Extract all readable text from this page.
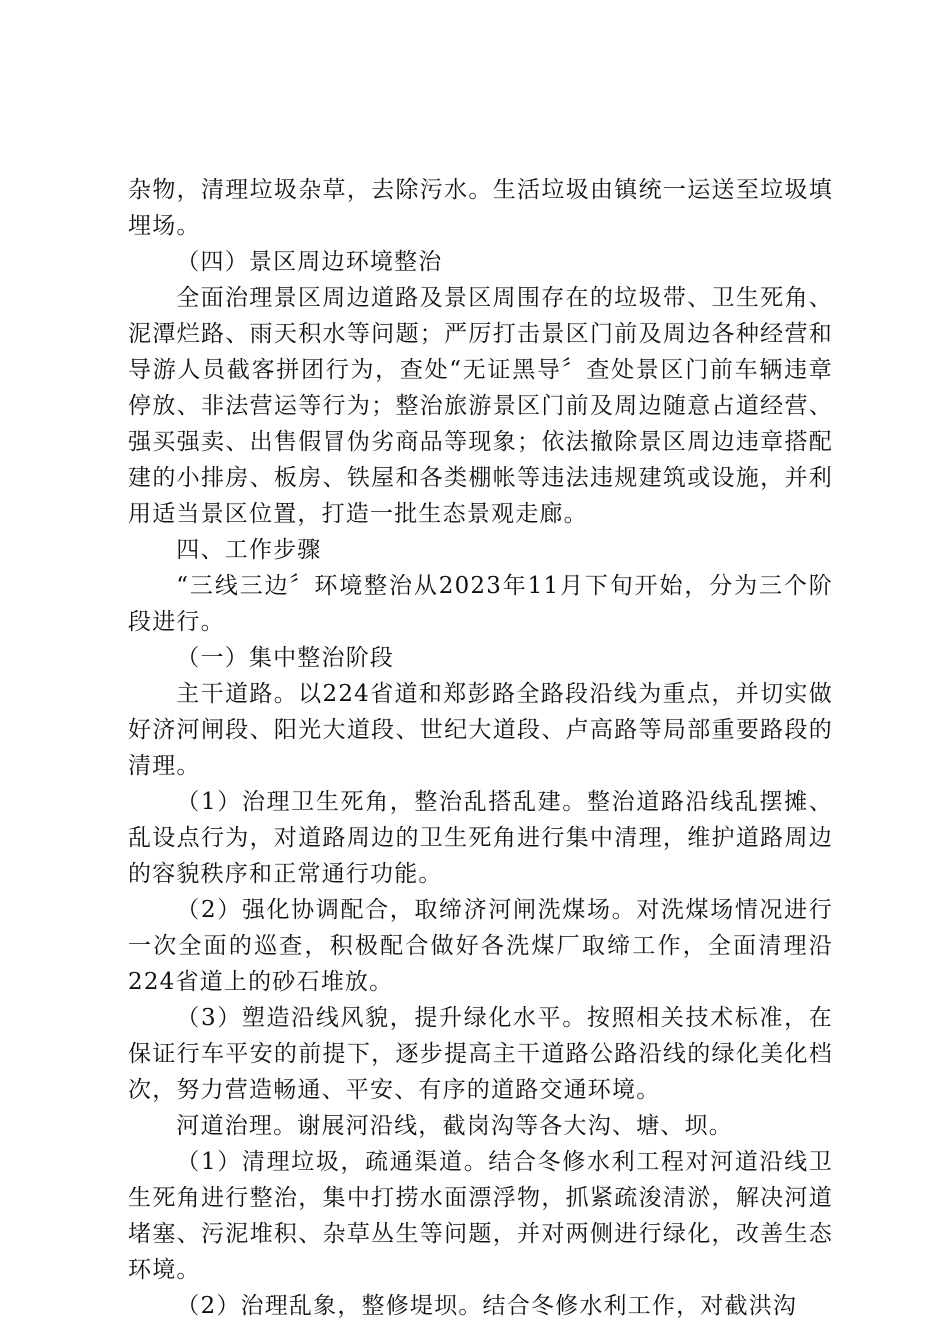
杂物，清理垃圾杂草，去除污水。生活垃圾由镇统一运送至垃圾填埋场。

（四）景区周边环境整治

全面治理景区周边道路及景区周围存在的垃圾带、卫生死角、泥潭烂路、雨天积水等问题；严厉打击景区门前及周边各种经营和导游人员截客拼团行为，查处“无证黑导〞查处景区门前车辆违章停放、非法营运等行为；整治旅游景区门前及周边随意占道经营、强买强卖、出售假冒伪劣商品等现象；依法撤除景区周边违章搭配建的小排房、板房、铁屋和各类棚帐等违法违规建筑或设施，并利用适当景区位置，打造一批生态景观走廊。

四、工作步骤

“三线三边〞环境整治从2023年11月下旬开始，分为三个阶段进行。

（一）集中整治阶段

主干道路。以224省道和郑彭路全路段沿线为重点，并切实做好济河闸段、阳光大道段、世纪大道段、卢高路等局部重要路段的清理。

（1）治理卫生死角，整治乱搭乱建。整治道路沿线乱摆摊、乱设点行为，对道路周边的卫生死角进行集中清理，维护道路周边的容貌秩序和正常通行功能。

（2）强化协调配合，取缔济河闸洗煤场。对洗煤场情况进行一次全面的巡查，积极配合做好各洗煤厂取缔工作，全面清理沿224省道上的砂石堆放。

（3）塑造沿线风貌，提升绿化水平。按照相关技术标准，在保证行车平安的前提下，逐步提高主干道路公路沿线的绿化美化档次，努力营造畅通、平安、有序的道路交通环境。

河道治理。谢展河沿线，截岗沟等各大沟、塘、坝。

（1）清理垃圾，疏通渠道。结合冬修水利工程对河道沿线卫生死角进行整治，集中打捞水面漂浮物，抓紧疏浚清淤，解决河道堵塞、污泥堆积、杂草丛生等问题，并对两侧进行绿化，改善生态环境。

（2）治理乱象，整修堤坝。结合冬修水利工作，对截洪沟
